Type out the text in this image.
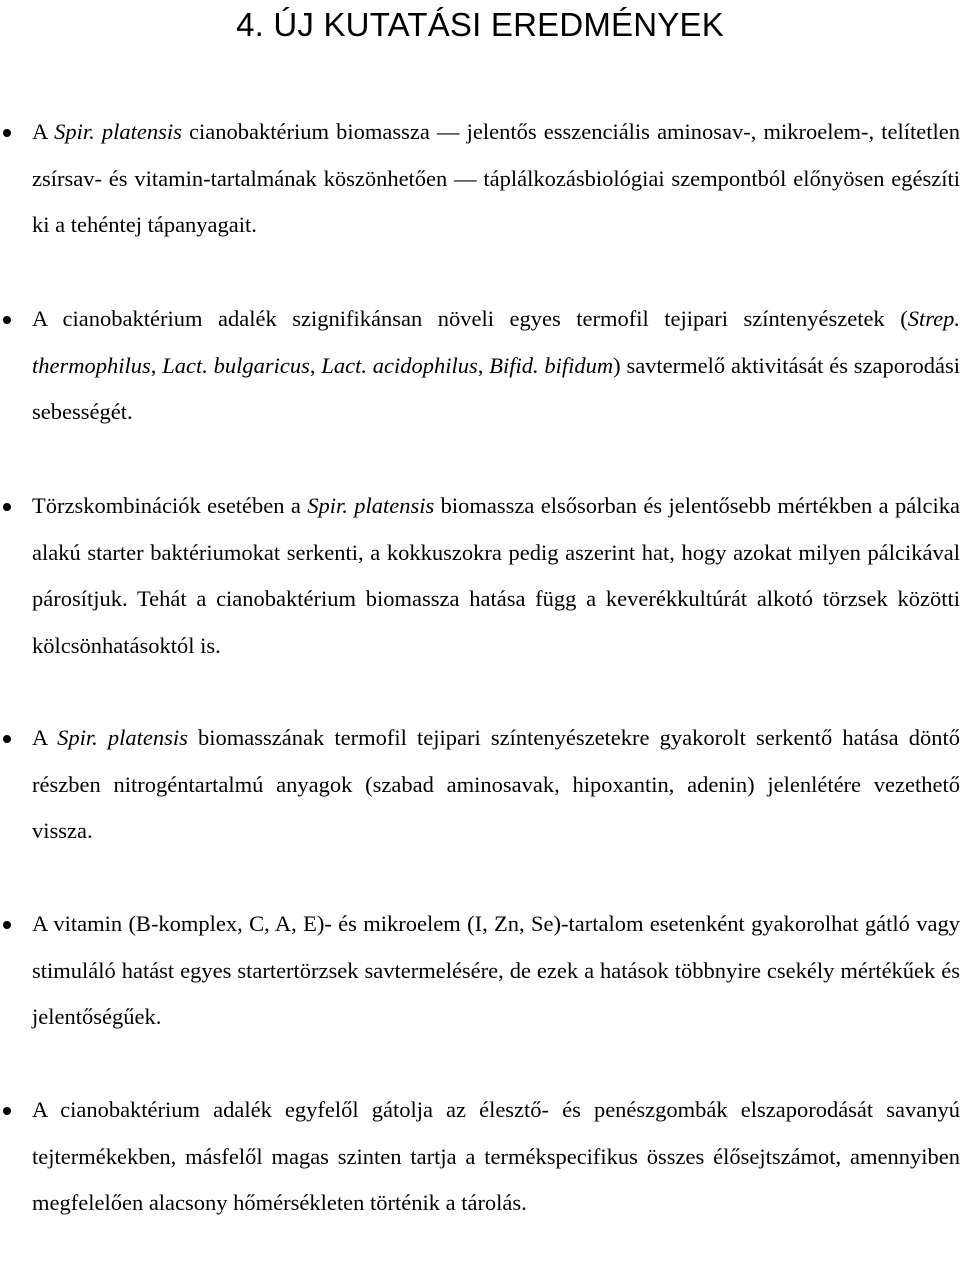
4. ÚJ KUTATÁSI EREDMÉNYEK
A Spir. platensis cianobaktérium biomassza — jelentős esszenciális aminosav-, mikroelem-, telítetlen zsírsav- és vitamin-tartalmának köszönhetően — táplálkozásbiológiai szempontból előnyösen egészíti ki a tehéntej tápanyagait.
A cianobaktérium adalék szignifikánsan növeli egyes termofil tejipari színtenyészetek (Strep. thermophilus, Lact. bulgaricus, Lact. acidophilus, Bifid. bifidum) savtermelő aktivitását és szaporodási sebességét.
Törzskombinációk esetében a Spir. platensis biomassza elsősorban és jelentősebb mértékben a pálcika alakú starter baktériumokat serkenti, a kokkuszokra pedig aszerint hat, hogy azokat milyen pálcikával párosítjuk. Tehát a cianobaktérium biomassza hatása függ a keverékkultúrát alkotó törzsek közötti kölcsönhatásoktól is.
A Spir. platensis biomasszának termofil tejipari színtenyészetekre gyakorolt serkentő hatása döntő részben nitrogéntartalmú anyagok (szabad aminosavak, hipoxantin, adenin) jelenlétére vezethető vissza.
A vitamin (B-komplex, C, A, E)- és mikroelem (I, Zn, Se)-tartalom esetenként gyakorolhat gátló vagy stimuláló hatást egyes startertörzsek savtermelésére, de ezek a hatások többnyire csekély mértékűek és jelentőségűek.
A cianobaktérium adalék egyfelől gátolja az élesztő- és penészgombák elszaporodását savanyú tejtermékekben, másfelől magas szinten tartja a termékspecifikus összes élősejtszámot, amennyiben megfelelően alacsony hőmérsékleten történik a tárolás.
